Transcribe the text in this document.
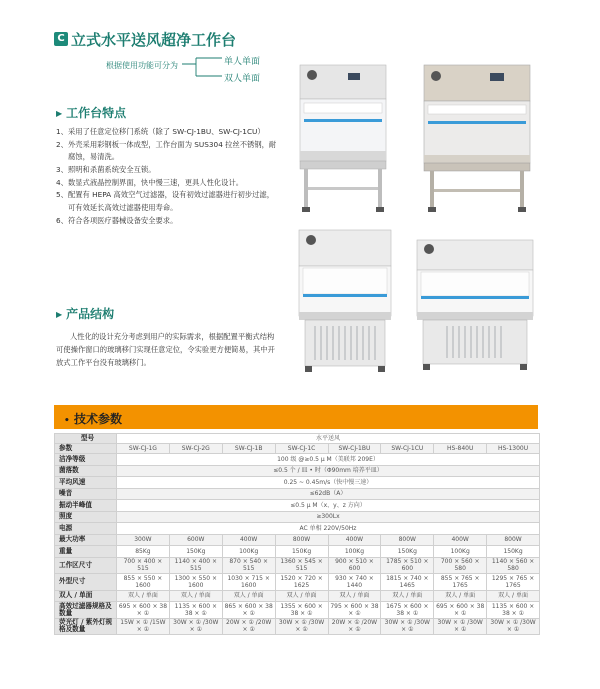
C 立式水平送风超净工作台
根据使用功能可分为	单人单面
双人单面
▶ 工作台特点
1、采用了任意定位移门系统（除了 SW-CJ-1BU、SW-CJ-1CU）
2、外壳采用彩钢板一体成型，工作台面为 SUS304 拉丝不锈钢，耐腐蚀，易清洗。
3、照明和杀菌系统安全互锁。
4、数显式液晶控制界面，快中慢三速，更具人性化设计。
5、配置有 HEPA 高效空气过滤器，设有初效过滤器进行初步过滤，可有效延长高效过滤器使用寿命。
6、符合各项医疗器械设备安全要求。
▶ 产品结构

人性化的设计充分考虑到用户的实际需求，根据配置平衡式结构可使操作窗口的玻璃移门实现任意定位，令实验更方便简易，其中开放式工作平台没有玻璃移门。

• 技术参数
型号	水平送风							
参数	SW-CJ-1G	SW-CJ-2G	SW-CJ-1B	SW-CJ-1C	SW-CJ-1BU	SW-CJ-1CU	HS-840U	HS-1300U
洁净等级	100 级 @≥0.5 μ M（美联邦 209E）							
菌落数	≤0.5 个 / 皿 • 时（Φ90mm 培养平皿）							
平均风速	0.25 ~ 0.45m/s（快中慢三速）							
噪音	≤62dB（A）							
振动半峰值	≤0.5 μ M（x、y、z 方向）							
照度	≥300Lx							
电源	AC 单相 220V/50Hz							
最大功率	300W	600W	400W	800W	400W	800W	400W	800W
重量	85Kg	150Kg	100Kg	150Kg	100Kg	150Kg	100Kg	150Kg
工作区尺寸	700 × 400 × 515	1140 × 400 × 515	870 × 540 × 515	1360 × 545 × 515	900 × 510 × 600	1785 × 510 × 600	700 × 560 × 580	1140 × 560 × 580
外型尺寸	855 × 550 × 1600	1300 × 550 × 1600	1030 × 715 × 1600	1520 × 720 × 1625	930 × 740 × 1440	1815 × 740 × 1465	855 × 765 × 1765	1295 × 765 × 1765
双人 / 单面	双人 / 单面	双人 / 单面	双人 / 单面	双人 / 单面	双人 / 单面	双人 / 单面	双人 / 单面	双人 / 单面
高效过滤器规格及数量	695 × 600 × 38 × ①	1135 × 600 × 38 × ①	865 × 600 × 38 × ①	1355 × 600 × 38 × ①	795 × 600 × 38 × ①	1675 × 600 × 38 × ①	695 × 600 × 38 × ①	1135 × 600 × 38 × ①
荧光灯 / 紫外灯规格及数量	15W × ① /15W × ①	30W × ① /30W × ①	20W × ① /20W × ①	30W × ① /30W × ①	20W × ① /20W × ①	30W × ① /30W × ①	30W × ① /30W × ①	30W × ① /30W × ①
